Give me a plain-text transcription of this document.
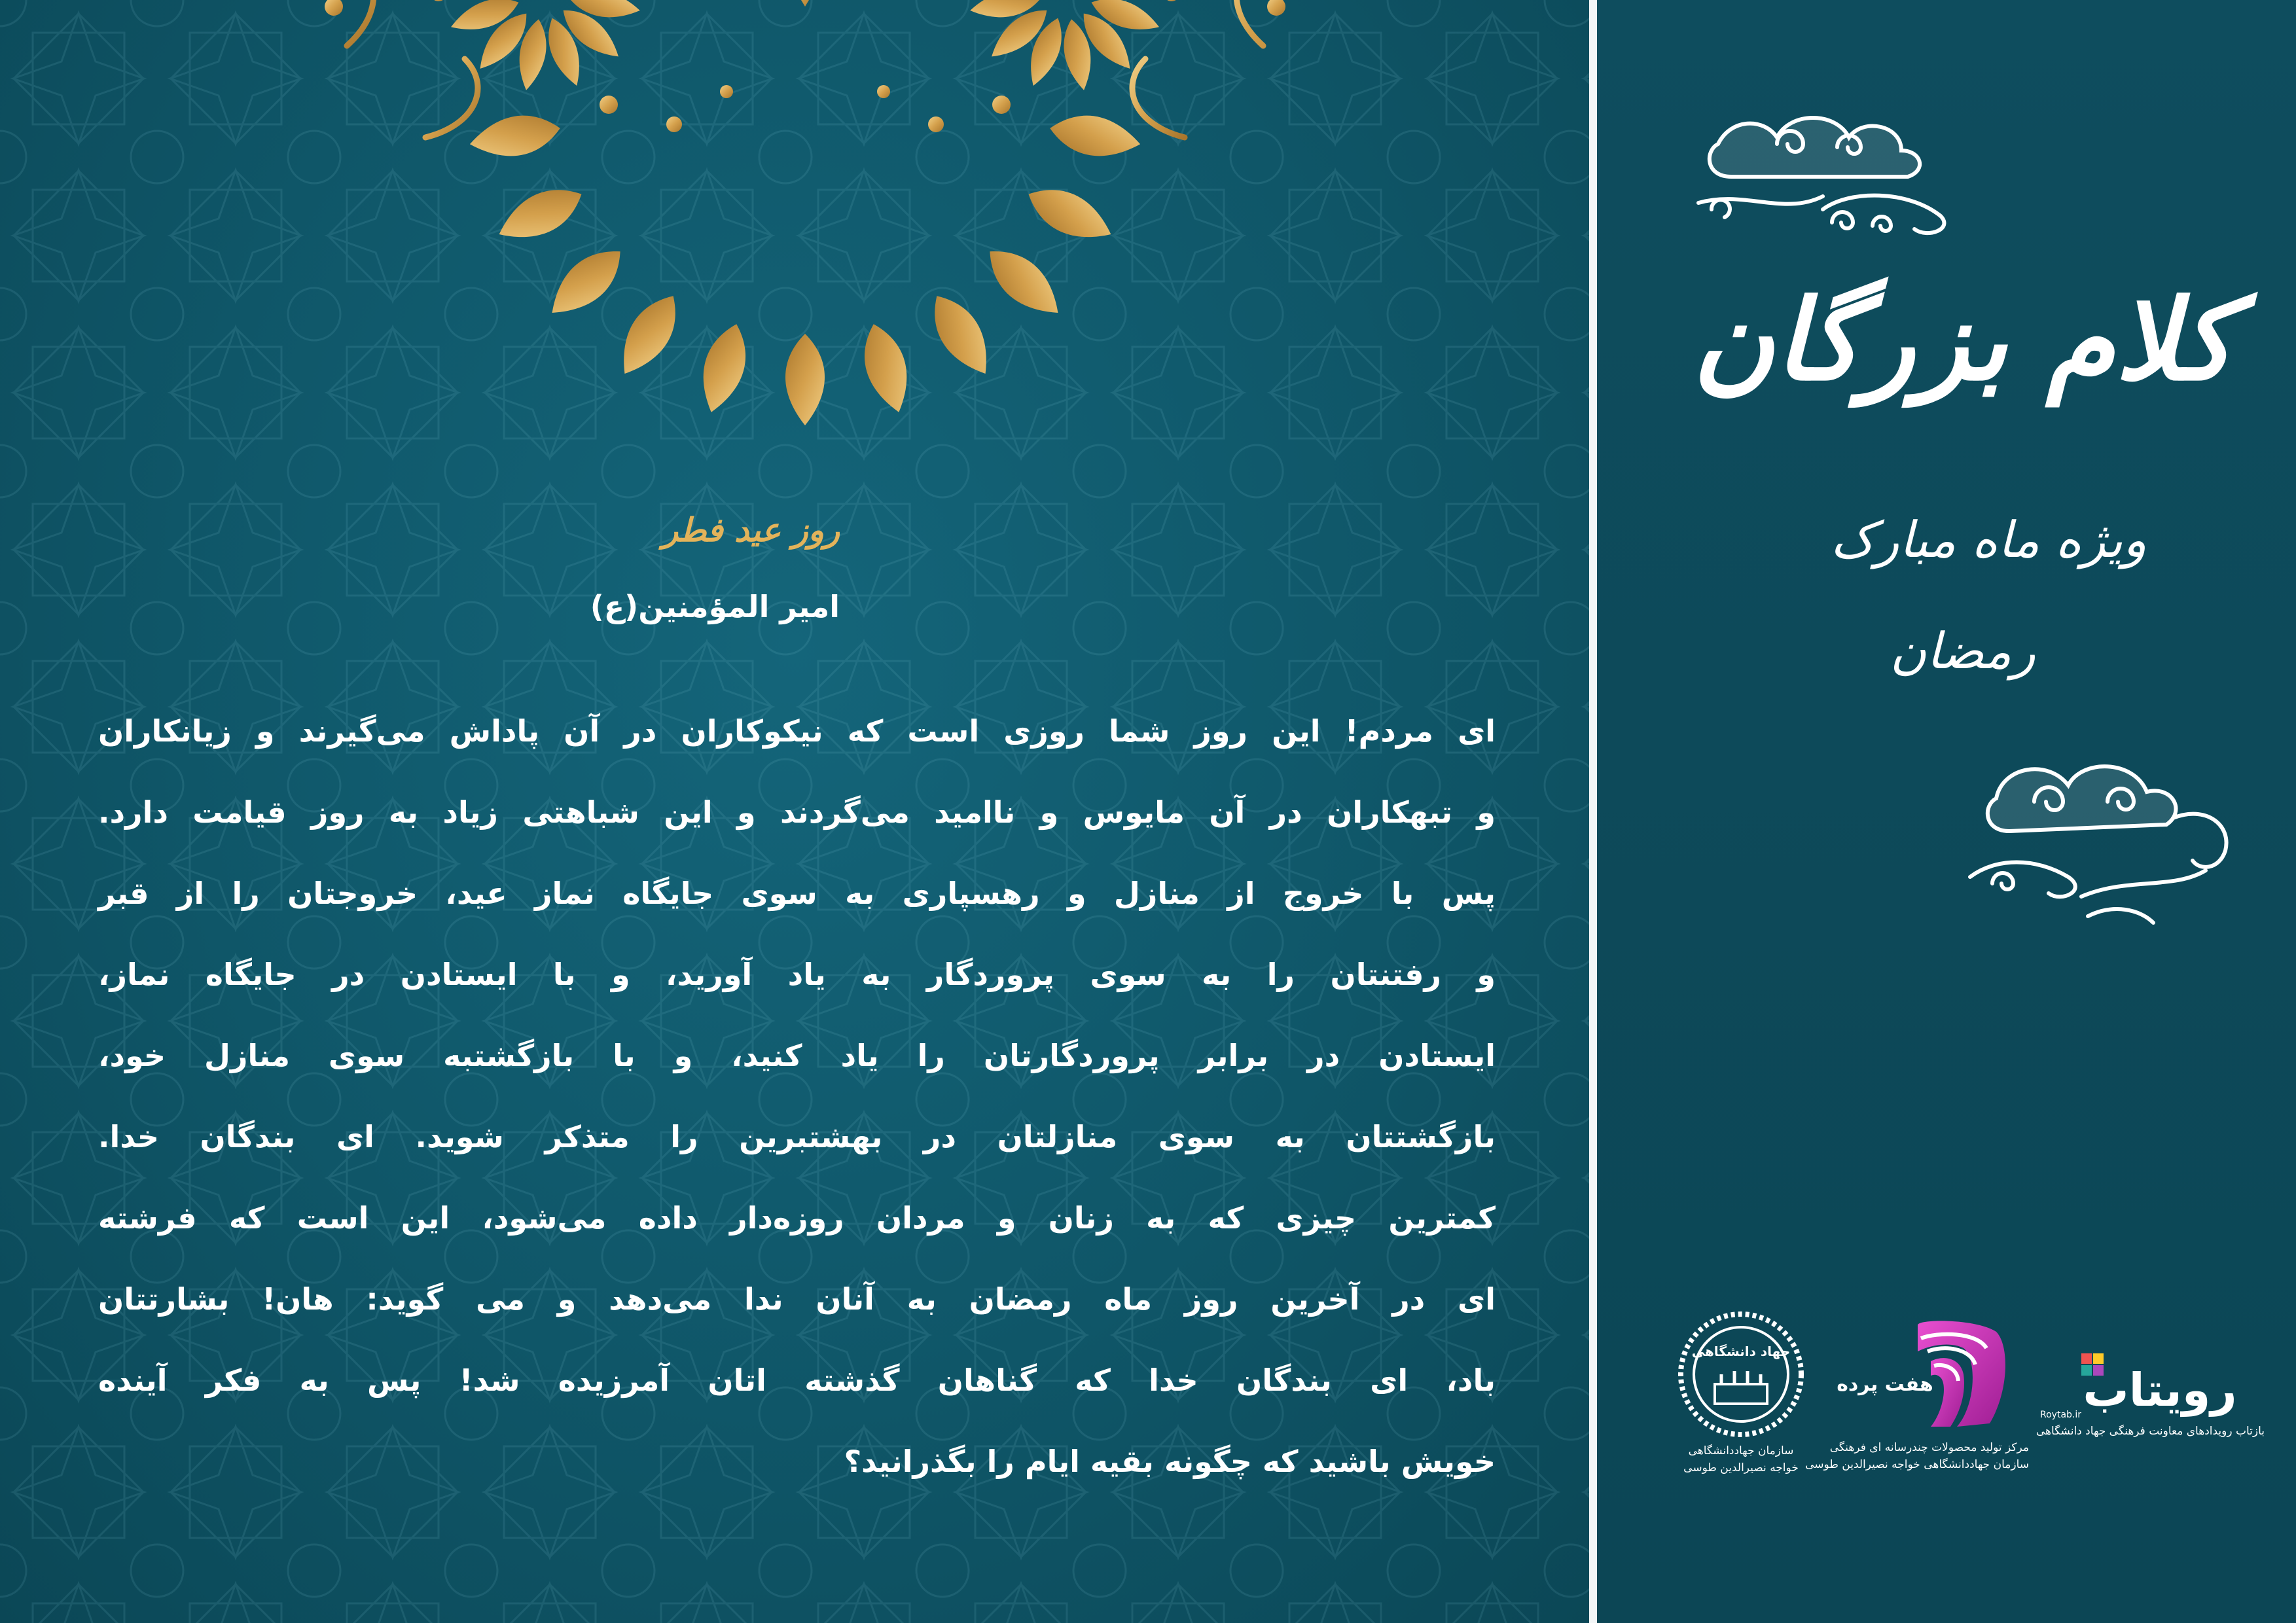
روز عید فطر
امیر المؤمنین(ع)
ای مردم! این روز شما روزی است که نیکوکاران در آن پاداش می‌گیرند و زیانکاران
و تبهکاران در آن مایوس و ناامید می‌گردند و این شباهتی زیاد به روز قیامت دارد.
پس با خروج از منازل و رهسپاری به سوی جایگاه نماز عید، خروجتان را از قبر
و رفتنتان را به سوی پروردگار به یاد آورید، و با ایستادن در جایگاه نماز،
ایستادن در برابر پروردگارتان را یاد کنید، و با بازگشتبه سوی منازل خود،
بازگشتتان به سوی منازلتان در بهشتبرین را متذکر شوید. ای بندگان خدا.
کمترین چیزی که به زنان و مردان روزه‌دار داده می‌شود، این است که فرشته
ای در آخرین روز ماه رمضان به آنان ندا می‌دهد و می گوید: هان! بشارتتان
باد، ای بندگان خدا که گناهان گذشته اتان آمرزیده شد! پس به فکر آینده
خویش باشید که چگونه بقیه ایام را بگذرانید؟
کلام بزرگان
ویژه ماه مبارک
رمضان
جهاد دانشگاهی
سازمان جهاددانشگاهی
خواجه نصیرالدین طوسی
هفت پرده
مرکز تولید محصولات چندرسانه ای فرهنگی
سازمان جهاددانشگاهی خواجه نصیرالدین طوسی
رویتاب
Roytab.ir
بازتاب رویدادهای معاونت فرهنگی جهاد دانشگاهی
